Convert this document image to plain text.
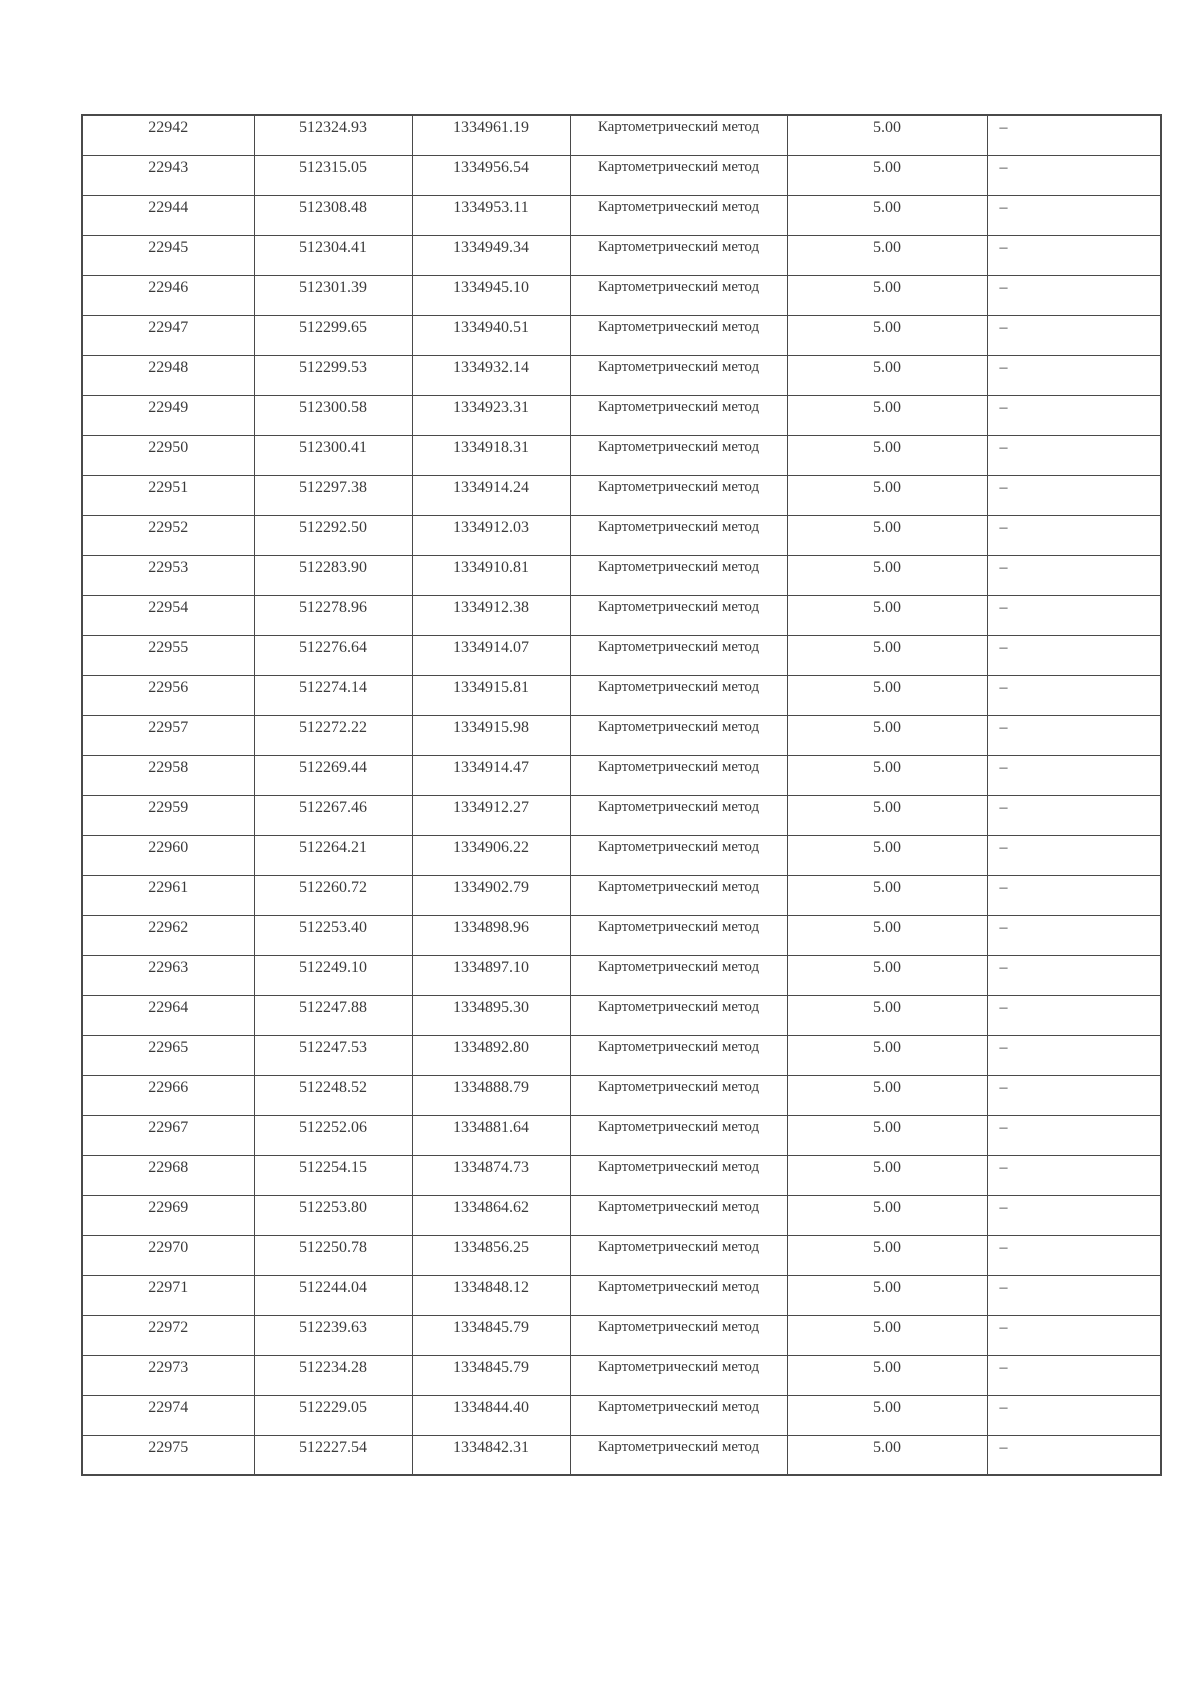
22942	512324.93	1334961.19	Картометрический метод	5.00	–
22943	512315.05	1334956.54	Картометрический метод	5.00	–
22944	512308.48	1334953.11	Картометрический метод	5.00	–
22945	512304.41	1334949.34	Картометрический метод	5.00	–
22946	512301.39	1334945.10	Картометрический метод	5.00	–
22947	512299.65	1334940.51	Картометрический метод	5.00	–
22948	512299.53	1334932.14	Картометрический метод	5.00	–
22949	512300.58	1334923.31	Картометрический метод	5.00	–
22950	512300.41	1334918.31	Картометрический метод	5.00	–
22951	512297.38	1334914.24	Картометрический метод	5.00	–
22952	512292.50	1334912.03	Картометрический метод	5.00	–
22953	512283.90	1334910.81	Картометрический метод	5.00	–
22954	512278.96	1334912.38	Картометрический метод	5.00	–
22955	512276.64	1334914.07	Картометрический метод	5.00	–
22956	512274.14	1334915.81	Картометрический метод	5.00	–
22957	512272.22	1334915.98	Картометрический метод	5.00	–
22958	512269.44	1334914.47	Картометрический метод	5.00	–
22959	512267.46	1334912.27	Картометрический метод	5.00	–
22960	512264.21	1334906.22	Картометрический метод	5.00	–
22961	512260.72	1334902.79	Картометрический метод	5.00	–
22962	512253.40	1334898.96	Картометрический метод	5.00	–
22963	512249.10	1334897.10	Картометрический метод	5.00	–
22964	512247.88	1334895.30	Картометрический метод	5.00	–
22965	512247.53	1334892.80	Картометрический метод	5.00	–
22966	512248.52	1334888.79	Картометрический метод	5.00	–
22967	512252.06	1334881.64	Картометрический метод	5.00	–
22968	512254.15	1334874.73	Картометрический метод	5.00	–
22969	512253.80	1334864.62	Картометрический метод	5.00	–
22970	512250.78	1334856.25	Картометрический метод	5.00	–
22971	512244.04	1334848.12	Картометрический метод	5.00	–
22972	512239.63	1334845.79	Картометрический метод	5.00	–
22973	512234.28	1334845.79	Картометрический метод	5.00	–
22974	512229.05	1334844.40	Картометрический метод	5.00	–
22975	512227.54	1334842.31	Картометрический метод	5.00	–
